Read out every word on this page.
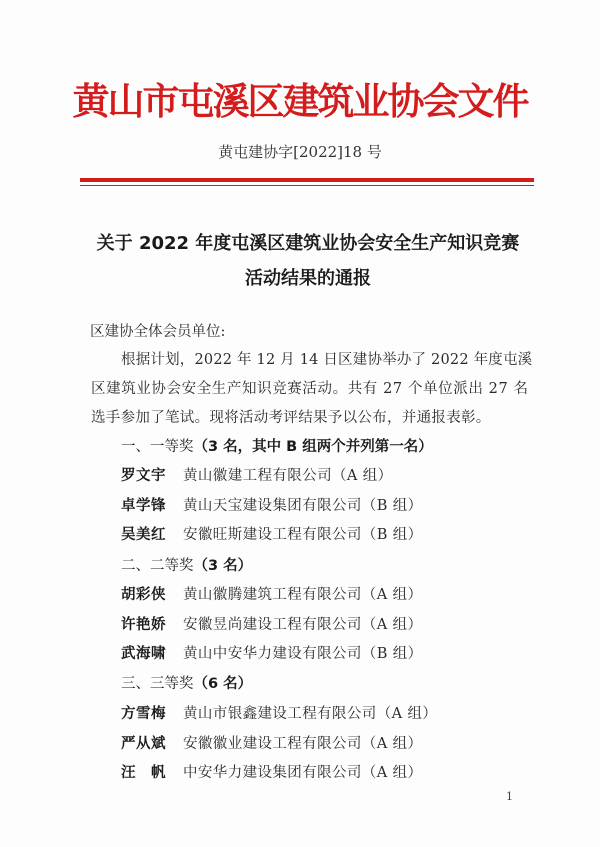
黄山市屯溪区建筑业协会文件
黄屯建协字[2022]18 号
关于 2022 年度屯溪区建筑业协会安全生产知识竞赛
活动结果的通报
区建协全体会员单位:
根据计划，2022 年 12 月 14 日区建协举办了 2022 年度屯溪
区建筑业协会安全生产知识竞赛活动。共有 27 个单位派出 27 名
选手参加了笔试。现将活动考评结果予以公布，并通报表彰。
一、一等奖（3 名，其中 B 组两个并列第一名）
罗文宇 黄山徽建工程有限公司（A 组）
卓学锋 黄山天宝建设集团有限公司（B 组）
吴美红 安徽旺斯建设工程有限公司（B 组）
二、二等奖（3 名）
胡彩侠 黄山徽腾建筑工程有限公司（A 组）
许艳娇 安徽昱尚建设工程有限公司（A 组）
武海啸 黄山中安华力建设有限公司（B 组）
三、三等奖（6 名）
方雪梅 黄山市银鑫建设工程有限公司（A 组）
严从斌 安徽徽业建设工程有限公司（A 组）
汪　帆 中安华力建设集团有限公司（A 组）
1
